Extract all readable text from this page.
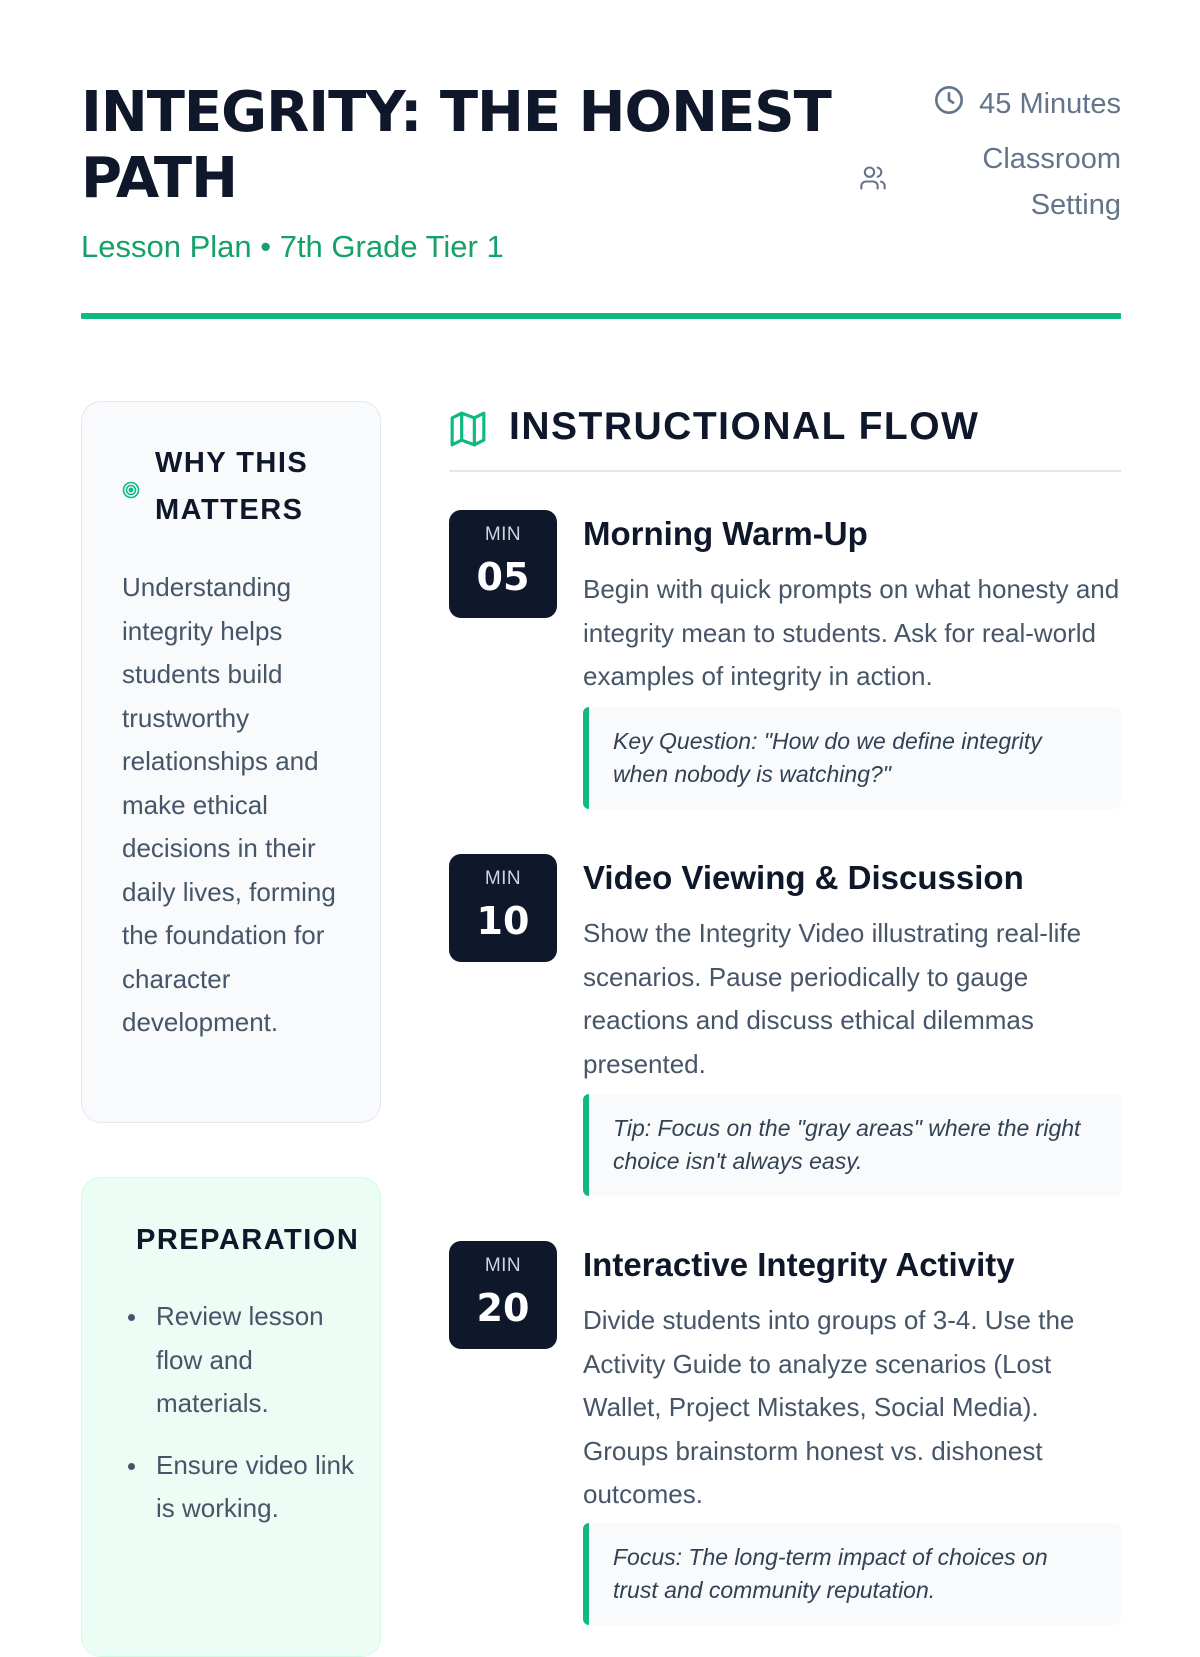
INTEGRITY: THE HONEST PATH
Lesson Plan • 7th Grade Tier 1
45 Minutes
Classroom Setting
WHY THIS MATTERS

Understanding integrity helps students build trustworthy relationships and make ethical decisions in their daily lives, forming the foundation for character development.

PREPARATION
Review lesson flow and materials.
Ensure video link is working.
INSTRUCTIONAL FLOW
MIN
05
Morning Warm-Up

Begin with quick prompts on what honesty and integrity mean to students. Ask for real-world examples of integrity in action.

Key Question: "How do we define integrity when nobody is watching?"
MIN
10
Video Viewing & Discussion

Show the Integrity Video illustrating real-life scenarios. Pause periodically to gauge reactions and discuss ethical dilemmas presented.

Tip: Focus on the "gray areas" where the right choice isn't always easy.
MIN
20
Interactive Integrity Activity

Divide students into groups of 3-4. Use the Activity Guide to analyze scenarios (Lost Wallet, Project Mistakes, Social Media). Groups brainstorm honest vs. dishonest outcomes.

Focus: The long-term impact of choices on trust and community reputation.
